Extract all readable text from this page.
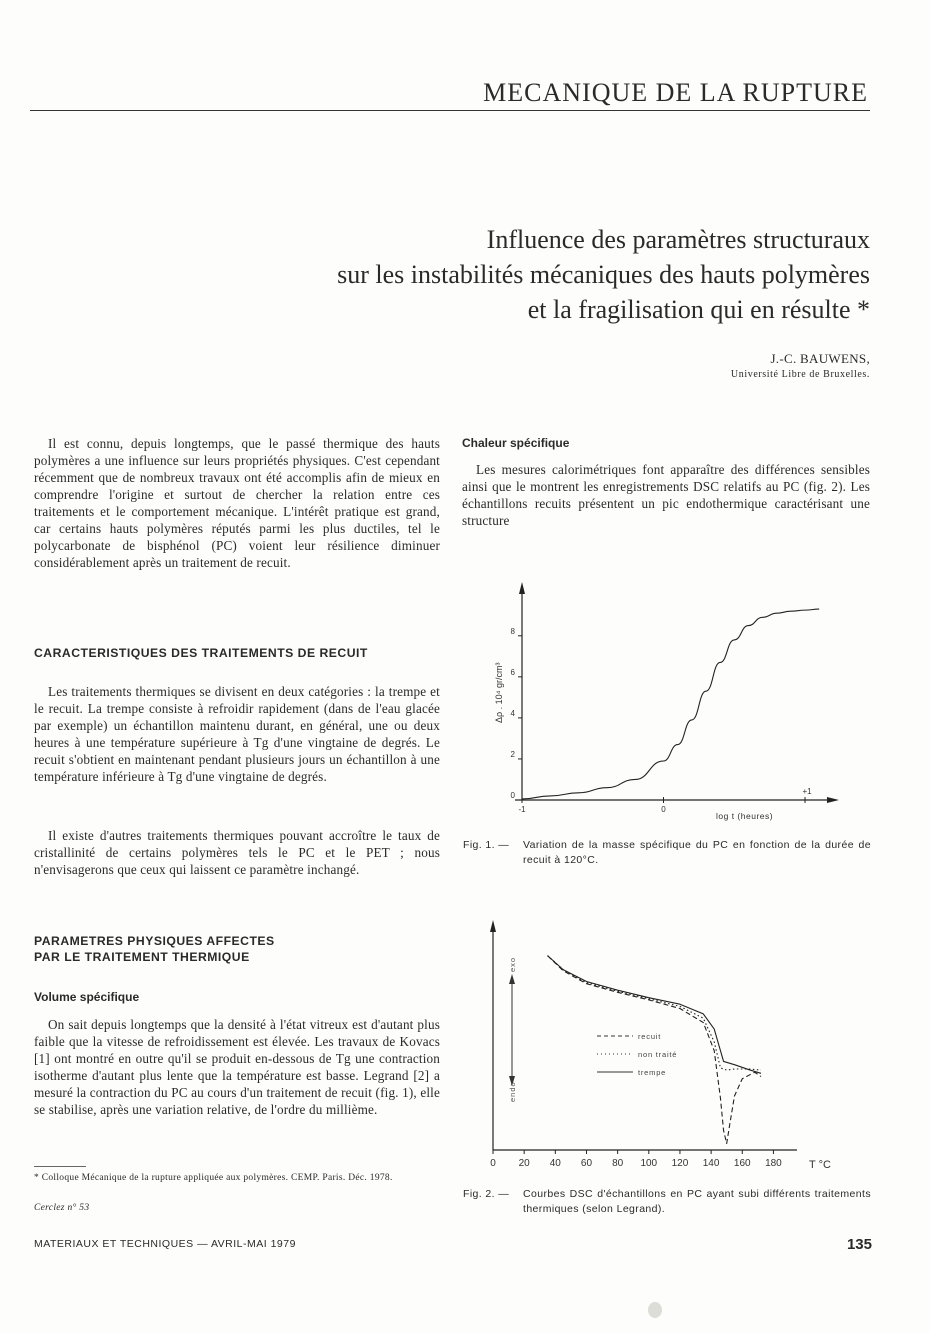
MECANIQUE DE LA RUPTURE
Influence des paramètres structuraux
sur les instabilités mécaniques des hauts polymères
et la fragilisation qui en résulte *
J.-C. BAUWENS,
Université Libre de Bruxelles.

Il est connu, depuis longtemps, que le passé thermique des hauts polymères a une influence sur leurs propriétés physiques. C'est cependant récemment que de nombreux travaux ont été accomplis afin de mieux en comprendre l'origine et surtout de chercher la relation entre ces traitements et le comportement mécanique. L'intérêt pratique est grand, car certains hauts polymères réputés parmi les plus ductiles, tel le polycarbonate de bisphénol (PC) voient leur résilience diminuer considérablement après un traitement de recuit.

CARACTERISTIQUES DES TRAITEMENTS DE RECUIT

Les traitements thermiques se divisent en deux catégories : la trempe et le recuit. La trempe consiste à refroidir rapidement (dans de l'eau glacée par exemple) un échantillon maintenu durant, en général, une ou deux heures à une température supérieure à Tg d'une vingtaine de degrés. Le recuit s'obtient en maintenant pendant plusieurs jours un échantillon à une température inférieure à Tg d'une vingtaine de degrés.

Il existe d'autres traitements thermiques pouvant accroître le taux de cristallinité de certains polymères tels le PC et le PET ; nous n'envisagerons que ceux qui laissent ce paramètre inchangé.

PARAMETRES PHYSIQUES AFFECTES
PAR LE TRAITEMENT THERMIQUE
Volume spécifique

On sait depuis longtemps que la densité à l'état vitreux est d'autant plus faible que la vitesse de refroidissement est élevée. Les travaux de Kovacs [1] ont montré en outre qu'il se produit en-dessous de Tg une contraction isotherme d'autant plus lente que la température est basse. Legrand [2] a mesuré la contraction du PC au cours d'un traitement de recuit (fig. 1), elle se stabilise, après une variation relative, de l'ordre du millième.

* Colloque Mécanique de la rupture appliquée aux polymères. CEMP. Paris. Déc. 1978.
Cerclez n° 53
Chaleur spécifique

Les mesures calorimétriques font apparaître des différences sensibles ainsi que le montrent les enregistrements DSC relatifs au PC (fig. 2). Les échantillons recuits présentent un pic endothermique caractérisant une structure

Δρ . 10⁴ gr/cm³
log t (heures)
0
2
4
6
8
-1	0
+1
Fig. 1. — Variation de la masse spécifique du PC en fonction de la durée de recuit à 120°C.
exo
endo
recuit
non traité
trempe
T °C
0 20 40 60 80 100 120 140 160 180
Fig. 2. — Courbes DSC d'échantillons en PC ayant subi différents traitements thermiques (selon Legrand).
MATERIAUX ET TECHNIQUES — AVRIL-MAI 1979	135
